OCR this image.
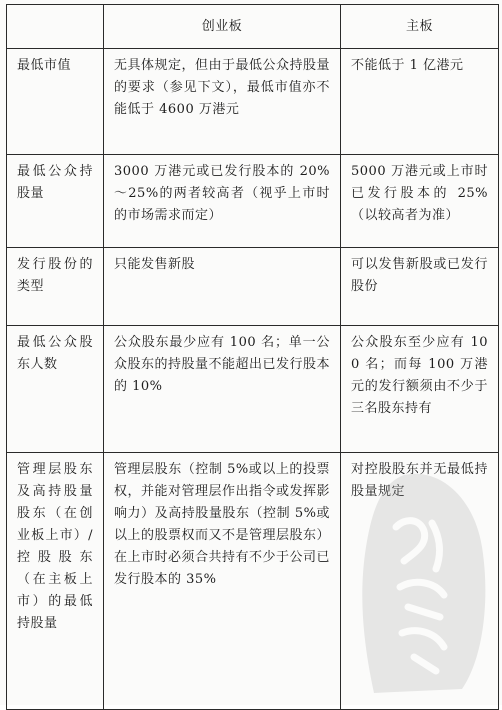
	创业板	主板
最低市值	无具体规定，但由于最低公众持股量的要求（参见下文），最低市值亦不能低于 4600 万港元	不能低于 1 亿港元
最低公众持股量	3000 万港元或已发行股本的 20%～25%的两者较高者（视乎上市时的市场需求而定）	5000 万港元或上市时已发行股本的 25%（以较高者为准）
发行股份的类型	只能发售新股	可以发售新股或已发行股份
最低公众股东人数	公众股东最少应有 100 名；单一公众股东的持股量不能超出已发行股本的 10%	公众股东至少应有 100 名；而每 100 万港元的发行额须由不少于三名股东持有
管理层股东及高持股量股东（在创业板上市）/控股股东（在主板上市）的最低持股量	管理层股东（控制 5%或以上的投票权，并能对管理层作出指令或发挥影响力）及高持股量股东（控制 5%或以上的股票权而又不是管理层股东）在上市时必须合共持有不少于公司已发行股本的 35%	对控股股东并无最低持股量规定
